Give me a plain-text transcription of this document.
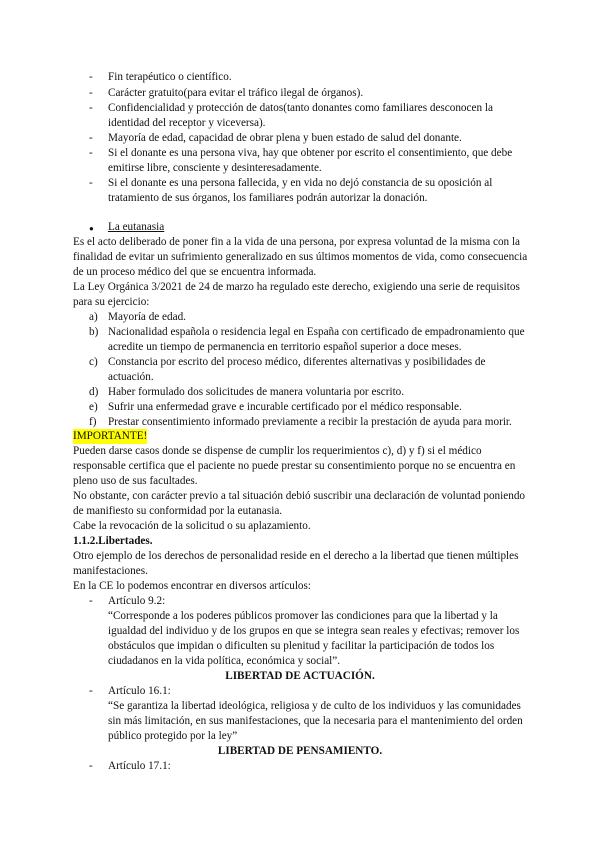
- Fin terapéutico o científico.
- Carácter gratuito(para evitar el tráfico ilegal de órganos).
- Confidencialidad y protección de datos(tanto donantes como familiares desconocen la
identidad del receptor y viceversa).
- Mayoría de edad, capacidad de obrar plena y buen estado de salud del donante.
- Si el donante es una persona viva, hay que obtener por escrito el consentimiento, que debe
emitirse libre, consciente y desinteresadamente.
- Si el donante es una persona fallecida, y en vida no dejó constancia de su oposición al
tratamiento de sus órganos, los familiares podrán autorizar la donación.
● La eutanasia
Es el acto deliberado de poner fin a la vida de una persona, por expresa voluntad de la misma con la
finalidad de evitar un sufrimiento generalizado en sus últimos momentos de vida, como consecuencia
de un proceso médico del que se encuentra informada.
La Ley Orgánica 3/2021 de 24 de marzo ha regulado este derecho, exigiendo una serie de requisitos
para su ejercicio:
a) Mayoría de edad.
b) Nacionalidad española o residencia legal en España con certificado de empadronamiento que
acredite un tiempo de permanencia en territorio español superior a doce meses.
c) Constancia por escrito del proceso médico, diferentes alternativas y posibilidades de
actuación.
d) Haber formulado dos solicitudes de manera voluntaria por escrito.
e) Sufrir una enfermedad grave e incurable certificado por el médico responsable.
f) Prestar consentimiento informado previamente a recibir la prestación de ayuda para morir.
IMPORTANTE!
Pueden darse casos donde se dispense de cumplir los requerimientos c), d) y f) si el médico
responsable certifica que el paciente no puede prestar su consentimiento porque no se encuentra en
pleno uso de sus facultades.
No obstante, con carácter previo a tal situación debió suscribir una declaración de voluntad poniendo
de manifiesto su conformidad por la eutanasia.
Cabe la revocación de la solicitud o su aplazamiento.
1.1.2.Libertades.
Otro ejemplo de los derechos de personalidad reside en el derecho a la libertad que tienen múltiples
manifestaciones.
En la CE lo podemos encontrar en diversos artículos:
- Artículo 9.2:
“Corresponde a los poderes públicos promover las condiciones para que la libertad y la
igualdad del individuo y de los grupos en que se integra sean reales y efectivas; remover los
obstáculos que impidan o dificulten su plenitud y facilitar la participación de todos los
ciudadanos en la vida política, económica y social”.
LIBERTAD DE ACTUACIÓN.
- Artículo 16.1:
“Se garantiza la libertad ideológica, religiosa y de culto de los individuos y las comunidades
sin más limitación, en sus manifestaciones, que la necesaria para el mantenimiento del orden
público protegido por la ley”
LIBERTAD DE PENSAMIENTO.
- Artículo 17.1:
